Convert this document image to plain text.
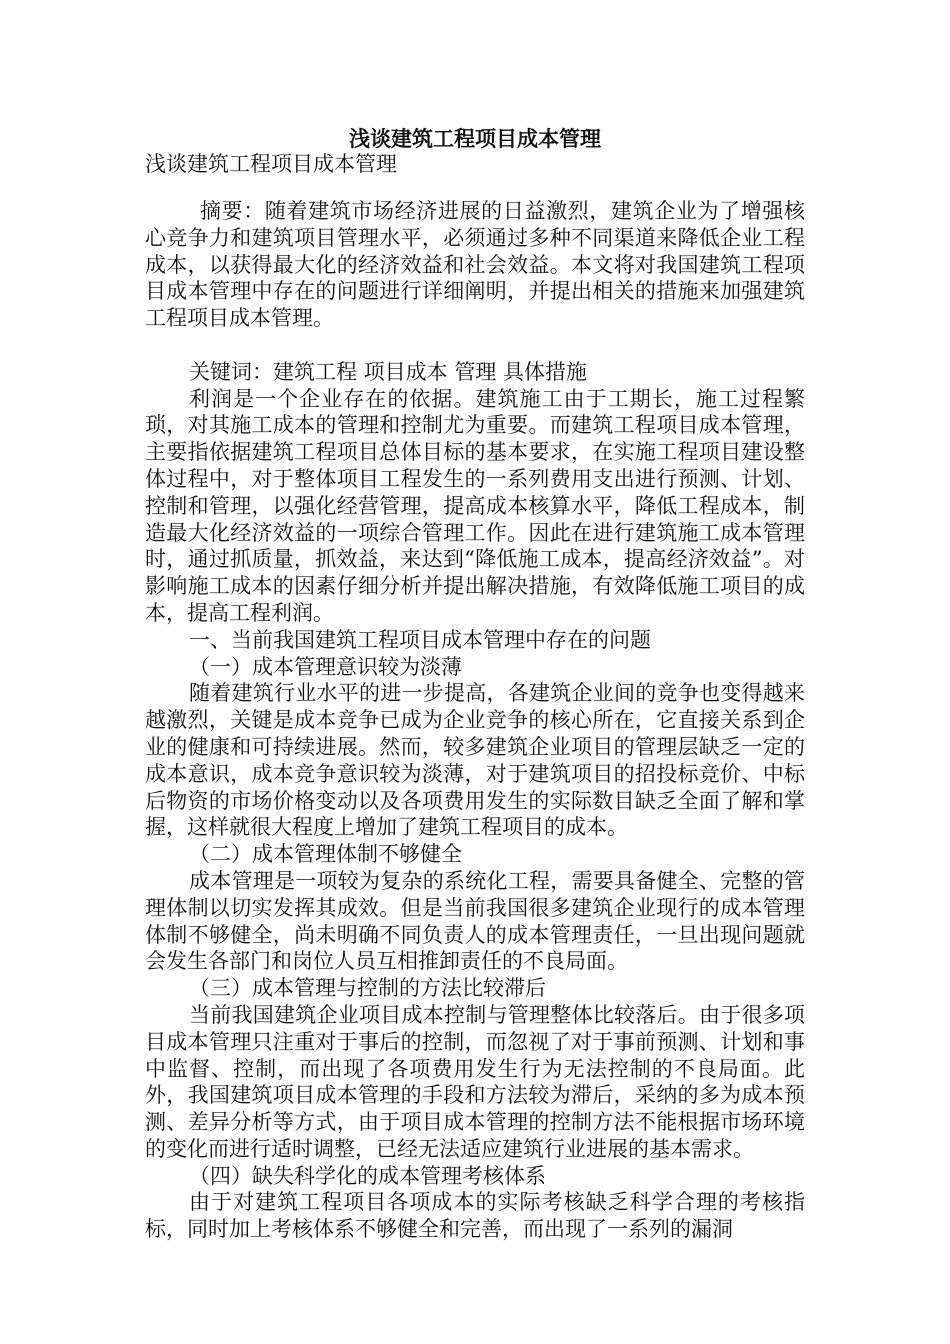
浅谈建筑工程项目成本管理
浅谈建筑工程项目成本管理

摘要：随着建筑市场经济进展的日益激烈，建筑企业为了增强核心竞争力和建筑项目管理水平，必须通过多种不同渠道来降低企业工程成本，以获得最大化的经济效益和社会效益。本文将对我国建筑工程项目成本管理中存在的问题进行详细阐明，并提出相关的措施来加强建筑工程项目成本管理。

关键词：建筑工程 项目成本 管理 具体措施

利润是一个企业存在的依据。建筑施工由于工期长，施工过程繁琐，对其施工成本的管理和控制尤为重要。而建筑工程项目成本管理，主要指依据建筑工程项目总体目标的基本要求，在实施工程项目建设整体过程中，对于整体项目工程发生的一系列费用支出进行预测、计划、控制和管理，以强化经营管理，提高成本核算水平，降低工程成本，制造最大化经济效益的一项综合管理工作。因此在进行建筑施工成本管理时，通过抓质量，抓效益，来达到“降低施工成本，提高经济效益”。对影响施工成本的因素仔细分析并提出解决措施，有效降低施工项目的成本，提高工程利润。

一、当前我国建筑工程项目成本管理中存在的问题

（一）成本管理意识较为淡薄

随着建筑行业水平的进一步提高，各建筑企业间的竞争也变得越来越激烈，关键是成本竞争已成为企业竞争的核心所在，它直接关系到企业的健康和可持续进展。然而，较多建筑企业项目的管理层缺乏一定的成本意识，成本竞争意识较为淡薄，对于建筑项目的招投标竞价、中标后物资的市场价格变动以及各项费用发生的实际数目缺乏全面了解和掌握，这样就很大程度上增加了建筑工程项目的成本。

（二）成本管理体制不够健全

成本管理是一项较为复杂的系统化工程，需要具备健全、完整的管理体制以切实发挥其成效。但是当前我国很多建筑企业现行的成本管理体制不够健全，尚未明确不同负责人的成本管理责任，一旦出现问题就会发生各部门和岗位人员互相推卸责任的不良局面。

（三）成本管理与控制的方法比较滞后

当前我国建筑企业项目成本控制与管理整体比较落后。由于很多项目成本管理只注重对于事后的控制，而忽视了对于事前预测、计划和事中监督、控制，而出现了各项费用发生行为无法控制的不良局面。此外，我国建筑项目成本管理的手段和方法较为滞后，采纳的多为成本预测、差异分析等方式，由于项目成本管理的控制方法不能根据市场环境的变化而进行适时调整，已经无法适应建筑行业进展的基本需求。

（四）缺失科学化的成本管理考核体系

由于对建筑工程项目各项成本的实际考核缺乏科学合理的考核指标，同时加上考核体系不够健全和完善，而出现了一系列的漏洞
